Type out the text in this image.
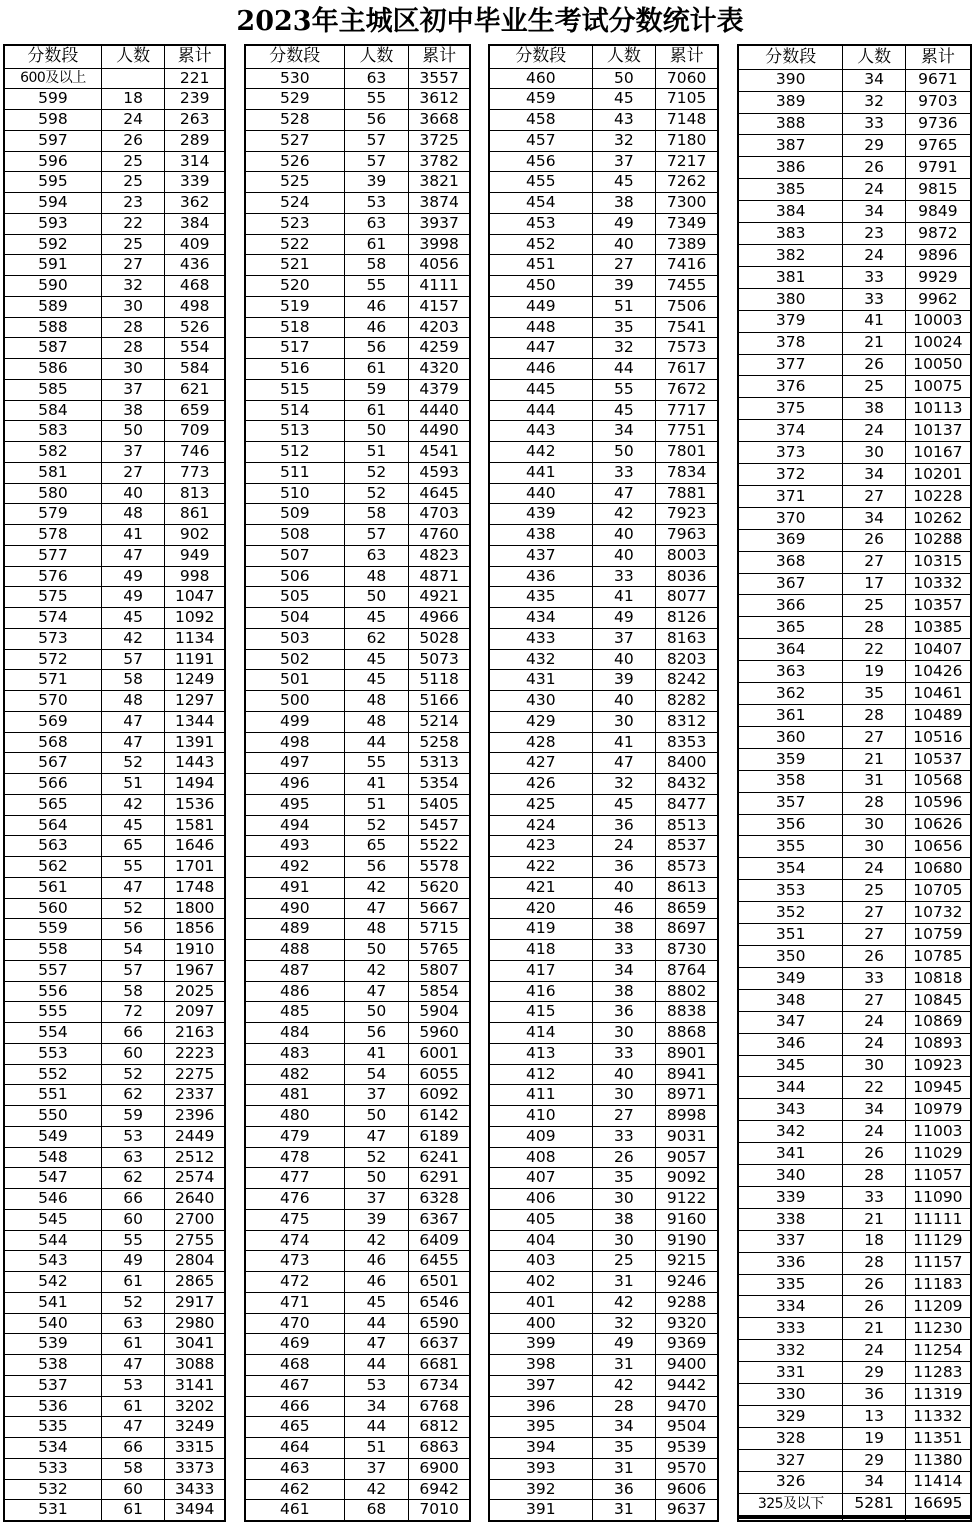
2023年主城区初中毕业生考试分数统计表
分数段	人数	累计
600及以上		221
599	18	239
598	24	263
597	26	289
596	25	314
595	25	339
594	23	362
593	22	384
592	25	409
591	27	436
590	32	468
589	30	498
588	28	526
587	28	554
586	30	584
585	37	621
584	38	659
583	50	709
582	37	746
581	27	773
580	40	813
579	48	861
578	41	902
577	47	949
576	49	998
575	49	1047
574	45	1092
573	42	1134
572	57	1191
571	58	1249
570	48	1297
569	47	1344
568	47	1391
567	52	1443
566	51	1494
565	42	1536
564	45	1581
563	65	1646
562	55	1701
561	47	1748
560	52	1800
559	56	1856
558	54	1910
557	57	1967
556	58	2025
555	72	2097
554	66	2163
553	60	2223
552	52	2275
551	62	2337
550	59	2396
549	53	2449
548	63	2512
547	62	2574
546	66	2640
545	60	2700
544	55	2755
543	49	2804
542	61	2865
541	52	2917
540	63	2980
539	61	3041
538	47	3088
537	53	3141
536	61	3202
535	47	3249
534	66	3315
533	58	3373
532	60	3433
531	61	3494
分数段	人数	累计
530	63	3557
529	55	3612
528	56	3668
527	57	3725
526	57	3782
525	39	3821
524	53	3874
523	63	3937
522	61	3998
521	58	4056
520	55	4111
519	46	4157
518	46	4203
517	56	4259
516	61	4320
515	59	4379
514	61	4440
513	50	4490
512	51	4541
511	52	4593
510	52	4645
509	58	4703
508	57	4760
507	63	4823
506	48	4871
505	50	4921
504	45	4966
503	62	5028
502	45	5073
501	45	5118
500	48	5166
499	48	5214
498	44	5258
497	55	5313
496	41	5354
495	51	5405
494	52	5457
493	65	5522
492	56	5578
491	42	5620
490	47	5667
489	48	5715
488	50	5765
487	42	5807
486	47	5854
485	50	5904
484	56	5960
483	41	6001
482	54	6055
481	37	6092
480	50	6142
479	47	6189
478	52	6241
477	50	6291
476	37	6328
475	39	6367
474	42	6409
473	46	6455
472	46	6501
471	45	6546
470	44	6590
469	47	6637
468	44	6681
467	53	6734
466	34	6768
465	44	6812
464	51	6863
463	37	6900
462	42	6942
461	68	7010
分数段	人数	累计
460	50	7060
459	45	7105
458	43	7148
457	32	7180
456	37	7217
455	45	7262
454	38	7300
453	49	7349
452	40	7389
451	27	7416
450	39	7455
449	51	7506
448	35	7541
447	32	7573
446	44	7617
445	55	7672
444	45	7717
443	34	7751
442	50	7801
441	33	7834
440	47	7881
439	42	7923
438	40	7963
437	40	8003
436	33	8036
435	41	8077
434	49	8126
433	37	8163
432	40	8203
431	39	8242
430	40	8282
429	30	8312
428	41	8353
427	47	8400
426	32	8432
425	45	8477
424	36	8513
423	24	8537
422	36	8573
421	40	8613
420	46	8659
419	38	8697
418	33	8730
417	34	8764
416	38	8802
415	36	8838
414	30	8868
413	33	8901
412	40	8941
411	30	8971
410	27	8998
409	33	9031
408	26	9057
407	35	9092
406	30	9122
405	38	9160
404	30	9190
403	25	9215
402	31	9246
401	42	9288
400	32	9320
399	49	9369
398	31	9400
397	42	9442
396	28	9470
395	34	9504
394	35	9539
393	31	9570
392	36	9606
391	31	9637
分数段	人数	累计
390	34	9671
389	32	9703
388	33	9736
387	29	9765
386	26	9791
385	24	9815
384	34	9849
383	23	9872
382	24	9896
381	33	9929
380	33	9962
379	41	10003
378	21	10024
377	26	10050
376	25	10075
375	38	10113
374	24	10137
373	30	10167
372	34	10201
371	27	10228
370	34	10262
369	26	10288
368	27	10315
367	17	10332
366	25	10357
365	28	10385
364	22	10407
363	19	10426
362	35	10461
361	28	10489
360	27	10516
359	21	10537
358	31	10568
357	28	10596
356	30	10626
355	30	10656
354	24	10680
353	25	10705
352	27	10732
351	27	10759
350	26	10785
349	33	10818
348	27	10845
347	24	10869
346	24	10893
345	30	10923
344	22	10945
343	34	10979
342	24	11003
341	26	11029
340	28	11057
339	33	11090
338	21	11111
337	18	11129
336	28	11157
335	26	11183
334	26	11209
333	21	11230
332	24	11254
331	29	11283
330	36	11319
329	13	11332
328	19	11351
327	29	11380
326	34	11414
325及以下	5281	16695
